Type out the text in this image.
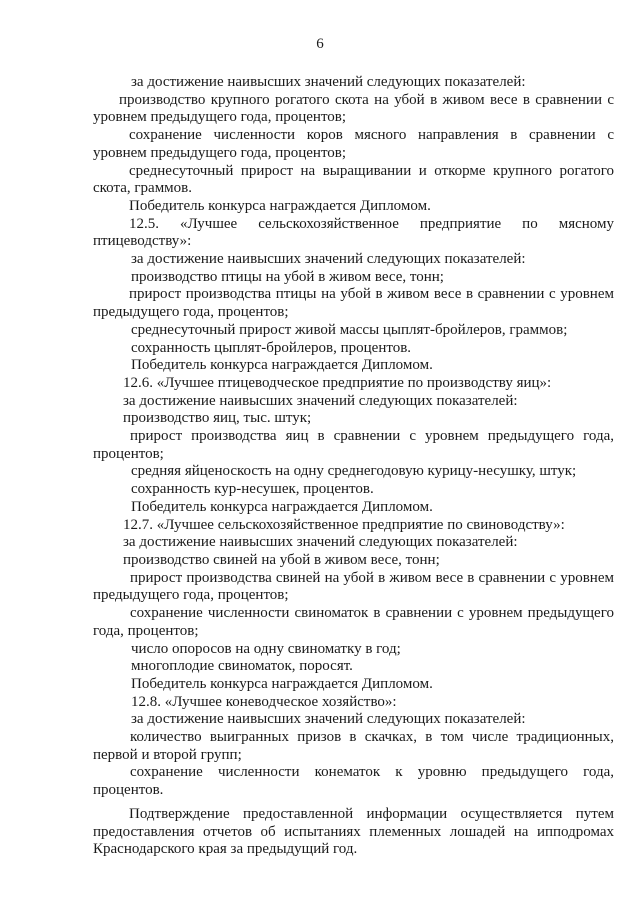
6

за достижение наивысших значений следующих показателей:

производство крупного рогатого скота на убой в живом весе в сравнении с уровнем предыдущего года, процентов;

сохранение численности коров мясного направления в сравнении с уровнем предыдущего года, процентов;

среднесуточный прирост на выращивании и откорме крупного рогатого скота, граммов.

Победитель конкурса награждается Дипломом.

12.5. «Лучшее сельскохозяйственное предприятие по мясному птицеводству»:

за достижение наивысших значений следующих показателей:

производство птицы на убой в живом весе, тонн;

прирост производства птицы на убой в живом весе в сравнении с уровнем предыдущего года, процентов;

среднесуточный прирост живой массы цыплят-бройлеров, граммов;

сохранность цыплят-бройлеров, процентов.

Победитель конкурса награждается Дипломом.

12.6. «Лучшее птицеводческое предприятие по производству яиц»:

за достижение наивысших значений следующих показателей:

производство яиц, тыс. штук;

прирост производства яиц в сравнении с уровнем предыдущего года, процентов;

средняя яйценоскость на одну среднегодовую курицу-несушку, штук;

сохранность кур-несушек, процентов.

Победитель конкурса награждается Дипломом.

12.7. «Лучшее сельскохозяйственное предприятие по свиноводству»:

за достижение наивысших значений следующих показателей:

производство свиней на убой в живом весе, тонн;

прирост производства свиней на убой в живом весе в сравнении с уровнем предыдущего года, процентов;

сохранение численности свиноматок в сравнении с уровнем предыдущего года, процентов;

число опоросов на одну свиноматку в год;

многоплодие свиноматок, поросят.

Победитель конкурса награждается Дипломом.

12.8. «Лучшее коневодческое хозяйство»:

за достижение наивысших значений следующих показателей:

количество выигранных призов в скачках, в том числе традиционных, первой и второй групп;

сохранение численности конематок к уровню предыдущего года, процентов.

Подтверждение предоставленной информации осуществляется путем предоставления отчетов об испытаниях племенных лошадей на ипподромах Краснодарского края за предыдущий год.
